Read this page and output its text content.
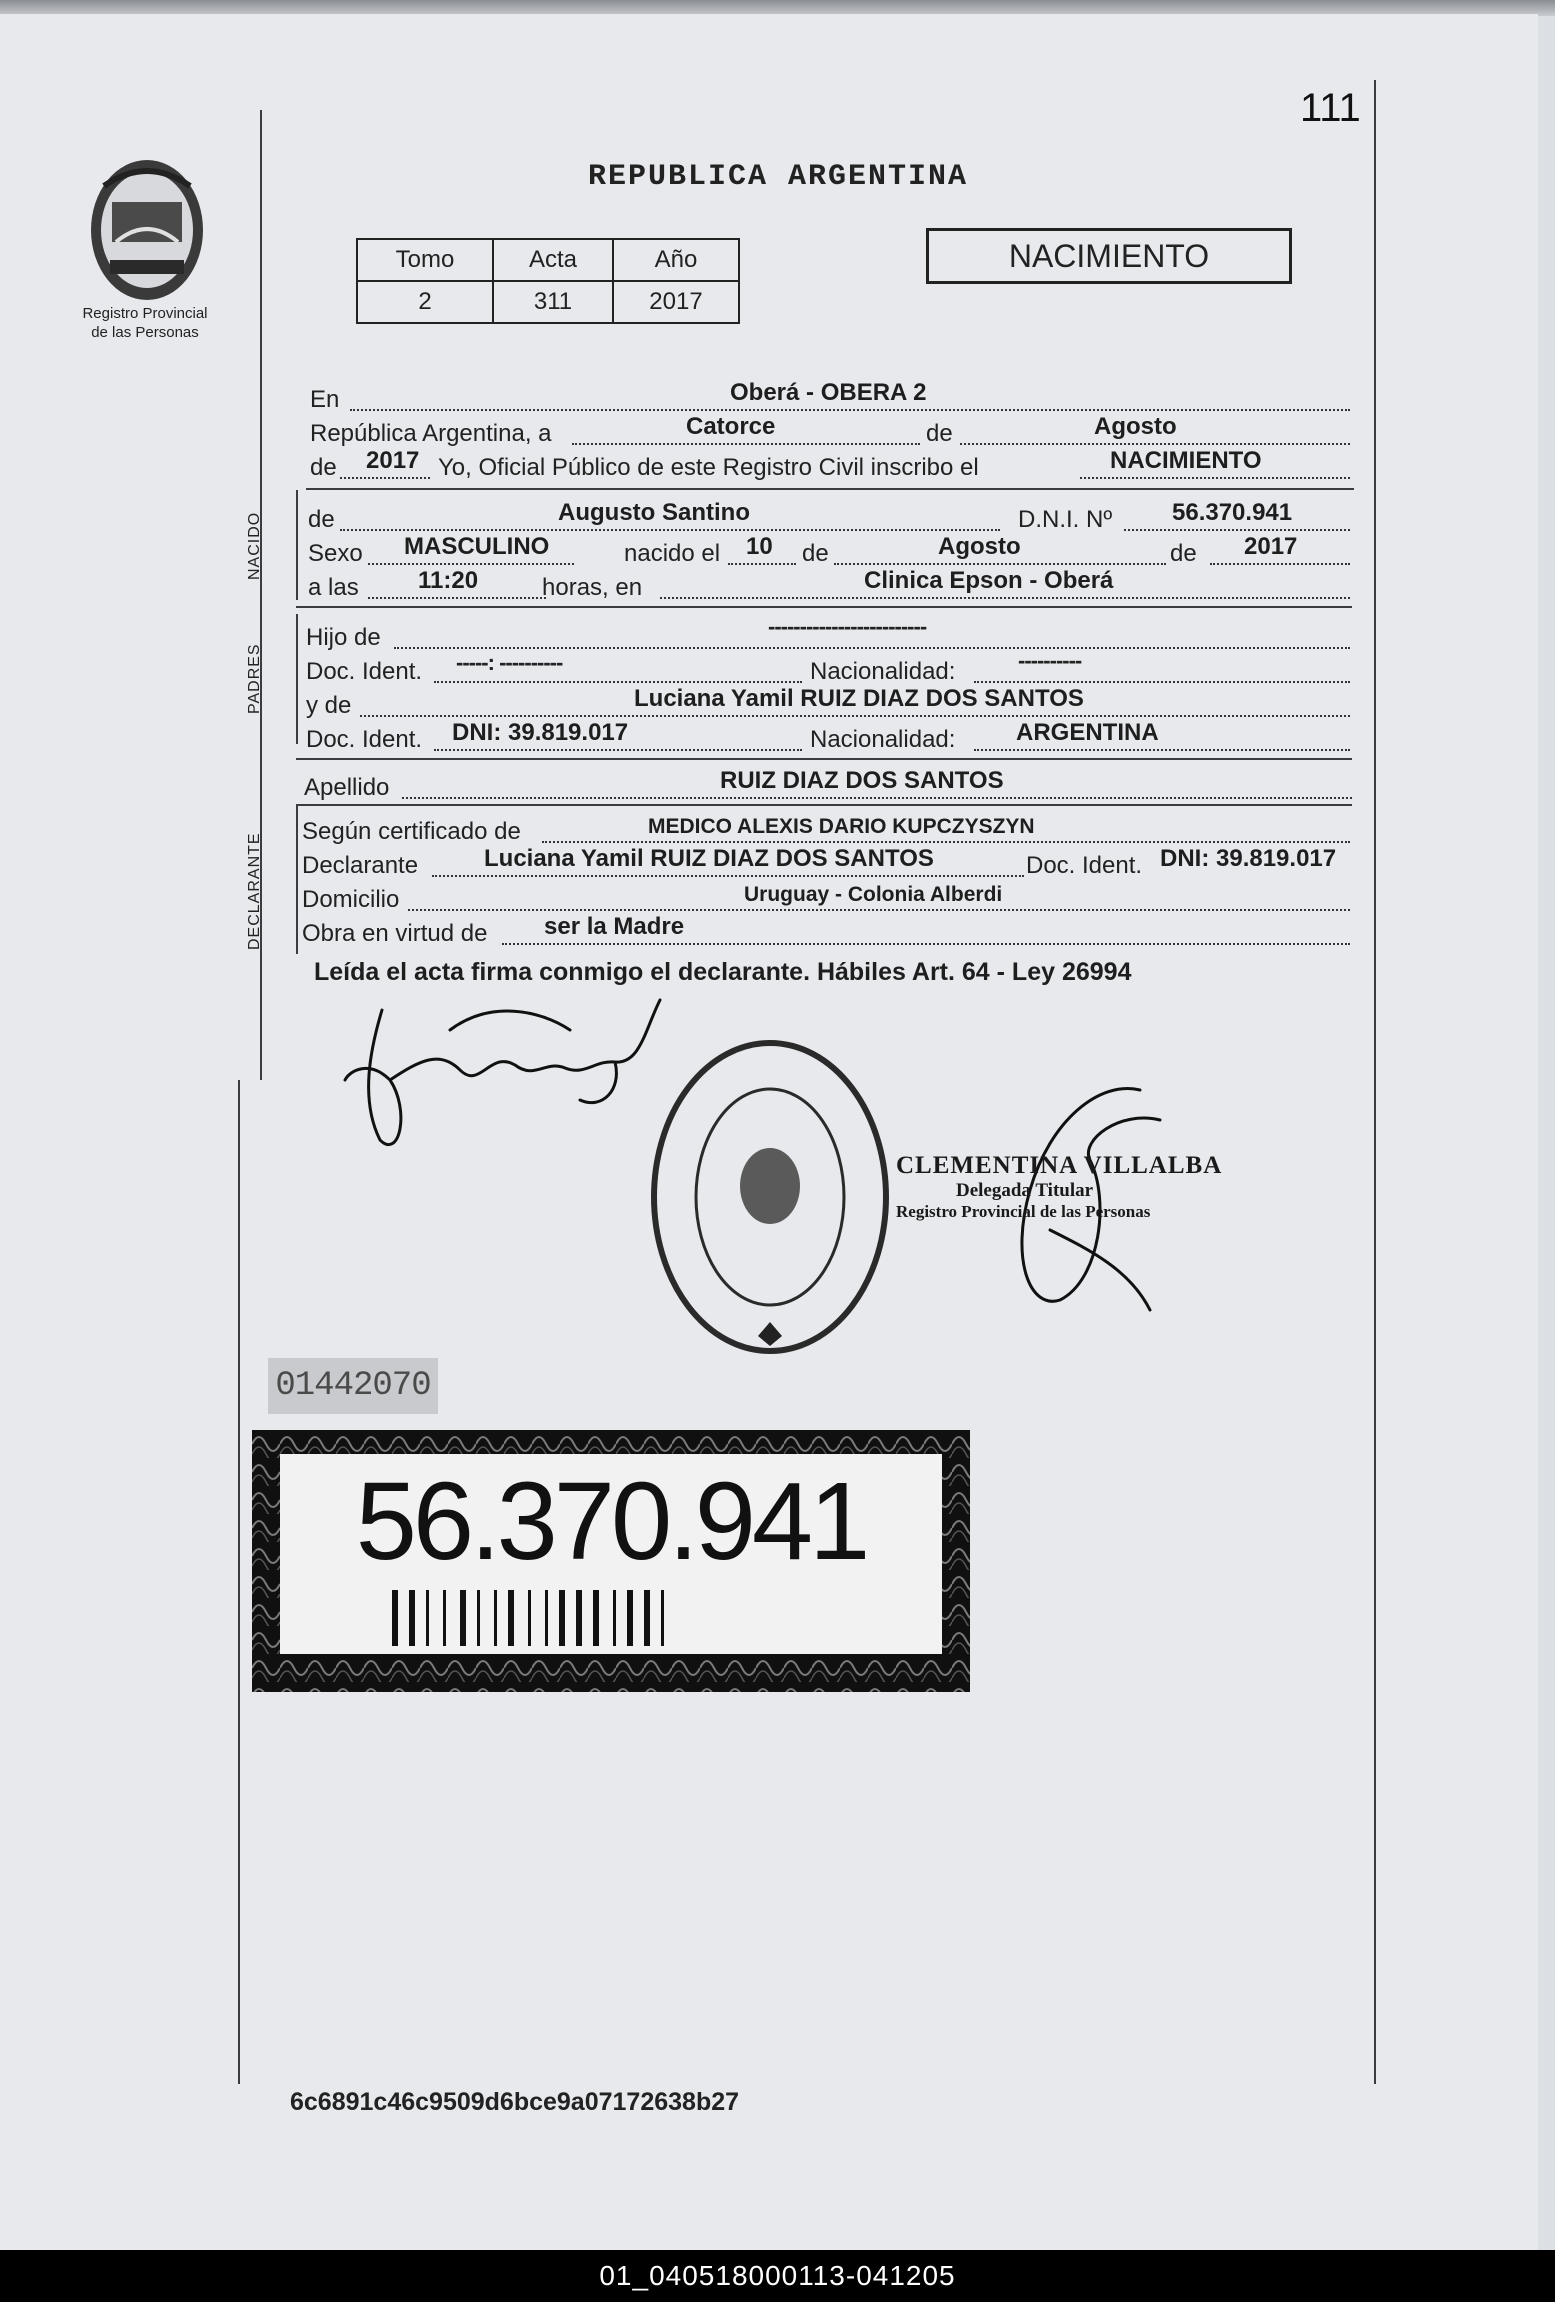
111
Registro Provincial
de las Personas
REPUBLICA ARGENTINA
Tomo	Acta	Año
2	311	2017
NACIMIENTO
NACIDO
PADRES
DECLARANTE
En	Oberá - OBERA 2
República Argentina, a	Catorce	de	Agosto
de 2017 Yo, Oficial Público de este Registro Civil inscribo el	NACIMIENTO
de	Augusto Santino	D.N.I. Nº 56.370.941
Sexo MASCULINO	nacido el 10 de	Agosto	de 2017
a las 11:20	horas, en	Clinica Epson - Oberá
Hijo de	-------------------------
Doc. Ident. -----: ----------	Nacionalidad:	----------
y de	Luciana Yamil RUIZ DIAZ DOS SANTOS
Doc. Ident. DNI: 39.819.017	Nacionalidad:	ARGENTINA
Apellido	RUIZ DIAZ DOS SANTOS
Según certificado de	MEDICO ALEXIS DARIO KUPCZYSZYN
Declarante	Luciana Yamil RUIZ DIAZ DOS SANTOS	Doc. Ident. DNI: 39.819.017
Domicilio	Uruguay - Colonia Alberdi
Obra en virtud de ser la Madre
Leída el acta firma conmigo el declarante. Hábiles Art. 64 - Ley 26994
CLEMENTINA VILLALBA
Delegada Titular
Registro Provincial de las Personas
01442070
56.370.941
6c6891c46c9509d6bce9a07172638b27
01_040518000113-041205
